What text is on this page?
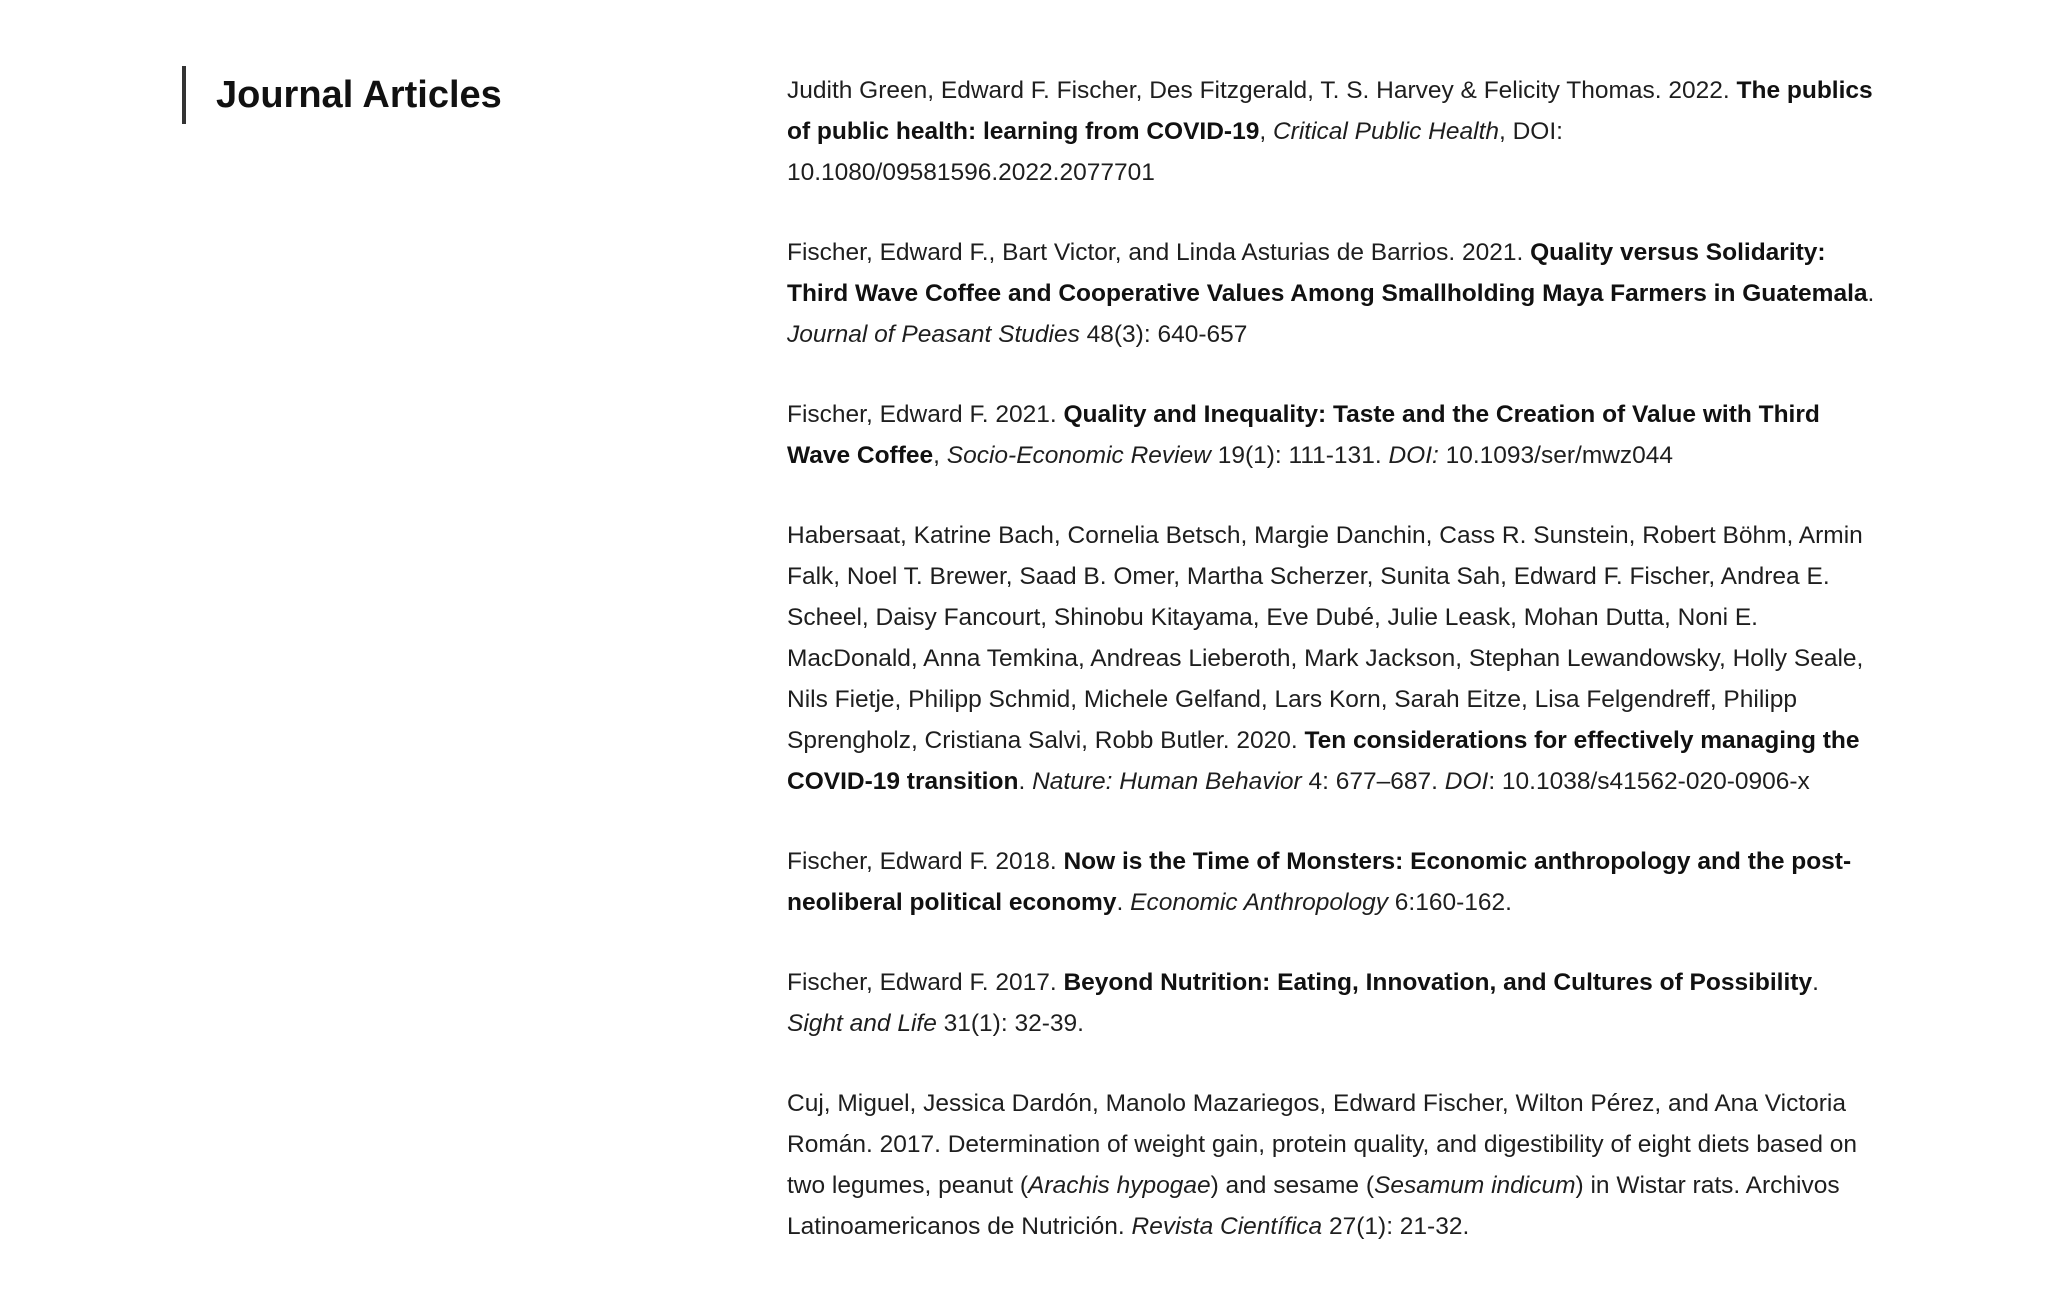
Journal Articles	Judith Green, Edward F. Fischer, Des Fitzgerald, T. S. Harvey & Felicity Thomas. 2022. The publics of public health: learning from COVID-19, Critical Public Health, DOI: 10.1080/09581596.2022.2077701
Fischer, Edward F., Bart Victor, and Linda Asturias de Barrios. 2021. Quality versus Solidarity: Third Wave Coffee and Cooperative Values Among Smallholding Maya Farmers in Guatemala. Journal of Peasant Studies 48(3): 640-657
Fischer, Edward F. 2021. Quality and Inequality: Taste and the Creation of Value with Third Wave Coffee, Socio-Economic Review 19(1): 111-131. DOI: 10.1093/ser/mwz044
Habersaat, Katrine Bach, Cornelia Betsch, Margie Danchin, Cass R. Sunstein, Robert Böhm, Armin Falk, Noel T. Brewer, Saad B. Omer, Martha Scherzer, Sunita Sah, Edward F. Fischer, Andrea E. Scheel, Daisy Fancourt, Shinobu Kitayama, Eve Dubé, Julie Leask, Mohan Dutta, Noni E. MacDonald, Anna Temkina, Andreas Lieberoth, Mark Jackson, Stephan Lewandowsky, Holly Seale, Nils Fietje, Philipp Schmid, Michele Gelfand, Lars Korn, Sarah Eitze, Lisa Felgendreff, Philipp Sprengholz, Cristiana Salvi, Robb Butler. 2020. Ten considerations for effectively managing the COVID-19 transition. Nature: Human Behavior 4: 677–687. DOI: 10.1038/s41562-020-0906-x
Fischer, Edward F. 2018. Now is the Time of Monsters: Economic anthropology and the post-neoliberal political economy. Economic Anthropology 6:160-162.
Fischer, Edward F. 2017. Beyond Nutrition: Eating, Innovation, and Cultures of Possibility. Sight and Life 31(1): 32-39.
Cuj, Miguel, Jessica Dardón, Manolo Mazariegos, Edward Fischer, Wilton Pérez, and Ana Victoria Román. 2017. Determination of weight gain, protein quality, and digestibility of eight diets based on two legumes, peanut (Arachis hypogae) and sesame (Sesamum indicum) in Wistar rats. Archivos Latinoamericanos de Nutrición. Revista Científica 27(1): 21-32.
